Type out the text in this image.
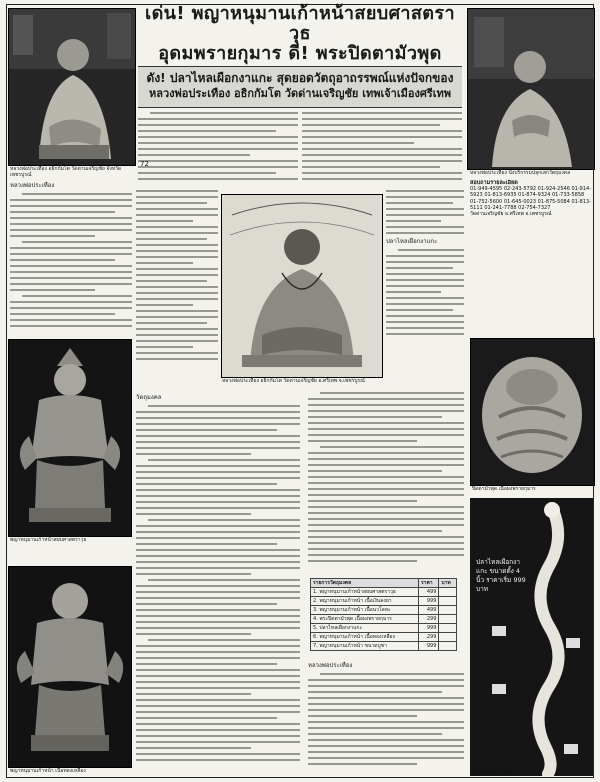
เด่น! พญาหนุมานเก้าหน้าสยบศาสตราวุธ
อุดมพรายกุมาร ดี! พระปิดตามัวพุด
ดัง! ปลาไหลเผือกงาแกะ สุดยอดวัตถุอาถรรพณ์แห่งปัจกของ
หลวงพ่อประเทือง อธิกกัมโต วัดด่านเจริญชัย เทพเจ้าเมืองศรีเทพ
หลวงพ่อประเทือง อธิกกัมโต วัดด่านเจริญชัย จังหวัดเพชรบูรณ์	หลวงพ่อประเทือง นั่งบริกรรมปลุกเสกวัตถุมงคล
หลวงพ่อประเทือง อธิกกัมโต วัดด่านเจริญชัย อ.ศรีเทพ จ.เพชรบูรณ์
พญาหนุมานเก้าหน้าสยบศาสตราวุธ
พญาหนุมานเก้าหน้า เนื้อทองเหลือง
ปิดตามัวพุด เนื้อผงพรายกุมาร
ปลาไหลเผือกงาแกะ ขนาดตั้ง 4 นิ้ว ราคาเริ่ม 999 บาท
หลวงพ่อประเทือง
ปลาไหลเผือกงาแกะ
สอบถามรายละเอียด
01-949-4595 02-243-5792 01-924-2546 01-914-5923 01-813-6935 01-874-9324 01-733-5858 01-752-5600 01-645-0023 01-875-5084 01-813-5111 01-241-7788 02-754-7327
วัดด่านเจริญชัย อ.ศรีเทพ จ.เพชรบูรณ์
วัตถุมงคล
รายการวัตถุมงคล	ราคา	บาท
1. พญาหนุมานเก้าหน้าสยบศาสตราวุธ	499	
2. พญาหนุมานเก้าหน้า เนื้อเงินลงยา	999	
3. พญาหนุมานเก้าหน้า เนื้อนวโลหะ	499	
4. พระปิดตามัวพุด เนื้อผงพรายกุมาร	299	
5. ปลาไหลเผือกงาแกะ	999	
6. พญาหนุมานเก้าหน้า เนื้อทองเหลือง	299	
7. พญาหนุมานเก้าหน้า ขนาดบูชา	999	
หลวงพ่อประเทือง
ปลาไหลเผือกงาแกะ
72
